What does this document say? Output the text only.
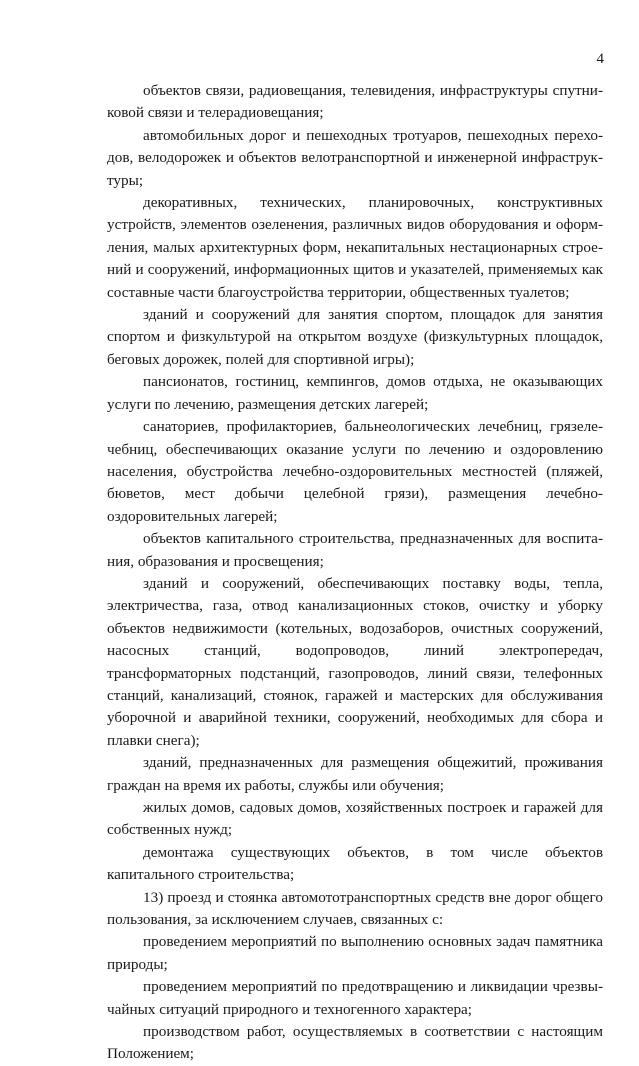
4

объектов связи, радиовещания, телевидения, инфраструктуры спутниковой связи и телерадиовещания;

автомобильных дорог и пешеходных тротуаров, пешеходных переходов, велодорожек и объектов велотранспортной и инженерной инфраструктуры;

декоративных, технических, планировочных, конструктивных устройств, элементов озеленения, различных видов оборудования и оформления, малых архитектурных форм, некапитальных нестационарных строений и сооружений, информационных щитов и указателей, применяемых как составные части благоустройства территории, общественных туалетов;

зданий и сооружений для занятия спортом, площадок для занятия спортом и физкультурой на открытом воздухе (физкультурных площадок, беговых дорожек, полей для спортивной игры);

пансионатов, гостиниц, кемпингов, домов отдыха, не оказывающих услуги по лечению, размещения детских лагерей;

санаториев, профилакториев, бальнеологических лечебниц, грязелечебниц, обеспечивающих оказание услуги по лечению и оздоровлению населения, обустройства лечебно-оздоровительных местностей (пляжей, бюветов, мест добычи целебной грязи), размещения лечебно-оздоровительных лагерей;

объектов капитального строительства, предназначенных для воспитания, образования и просвещения;

зданий и сооружений, обеспечивающих поставку воды, тепла, электричества, газа, отвод канализационных стоков, очистку и уборку объектов недвижимости (котельных, водозаборов, очистных сооружений, насосных станций, водопроводов, линий электропередач, трансформаторных подстанций, газопроводов, линий связи, телефонных станций, канализаций, стоянок, гаражей и мастерских для обслуживания уборочной и аварийной техники, сооружений, необходимых для сбора и плавки снега);

зданий, предназначенных для размещения общежитий, проживания граждан на время их работы, службы или обучения;

жилых домов, садовых домов, хозяйственных построек и гаражей для собственных нужд;

демонтажа существующих объектов, в том числе объектов капитального строительства;

13) проезд и стоянка автомототранспортных средств вне дорог общего пользования, за исключением случаев, связанных с:

проведением мероприятий по выполнению основных задач памятника природы;

проведением мероприятий по предотвращению и ликвидации чрезвычайных ситуаций природного и техногенного характера;

производством работ, осуществляемых в соответствии с настоящим Положением;
